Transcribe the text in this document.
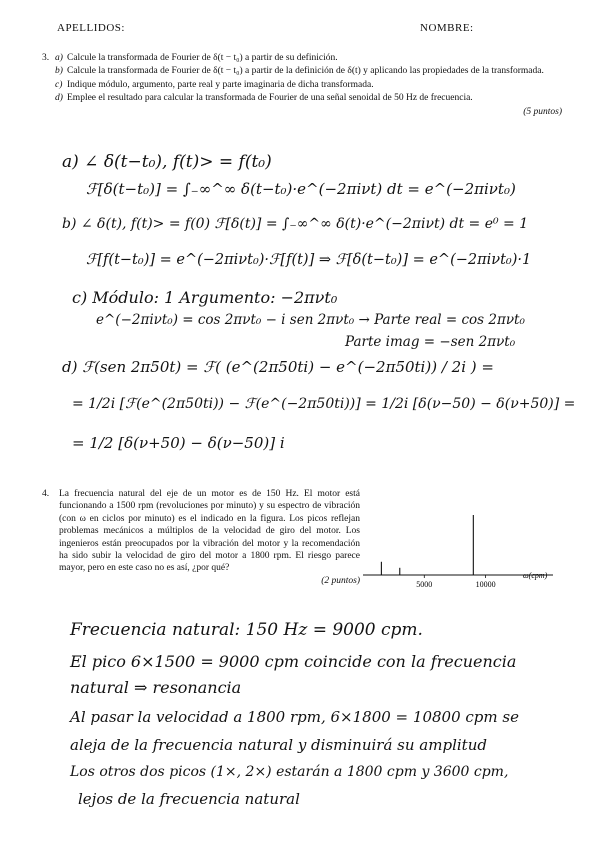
APELLIDOS:	NOMBRE:
3. a) Calcule la transformada de Fourier de δ(t − t₀) a partir de su definición.
b) Calcule la transformada de Fourier de δ(t − t₀) a partir de la definición de δ(t) y aplicando las propiedades de la transformada.
c) Indique módulo, argumento, parte real y parte imaginaria de dicha transformada.
d) Emplee el resultado para calcular la transformada de Fourier de una señal senoidal de 50 Hz de frecuencia.
(5 puntos)
a) ∠ δ(t−t₀), f(t)> = f(t₀)
ℱ[δ(t−t₀)] = ∫₋∞^∞ δ(t−t₀)·e^(−2πiνt) dt = e^(−2πiνt₀)
b) ∠ δ(t), f(t)> = f(0) ℱ[δ(t)] = ∫₋∞^∞ δ(t)·e^(−2πiνt) dt = e⁰ = 1
ℱ[f(t−t₀)] = e^(−2πiνt₀)·ℱ[f(t)] ⇒ ℱ[δ(t−t₀)] = e^(−2πiνt₀)·1
c) Módulo: 1 Argumento: −2πνt₀
e^(−2πiνt₀) = cos 2πνt₀ − i sen 2πνt₀ → Parte real = cos 2πνt₀
Parte imag = −sen 2πνt₀
d) ℱ(sen 2π50t) = ℱ( (e^(2π50ti) − e^(−2π50ti)) / 2i ) =
= 1/2i [ℱ(e^(2π50ti)) − ℱ(e^(−2π50ti))] = 1/2i [δ(ν−50) − δ(ν+50)] =
= 1/2 [δ(ν+50) − δ(ν−50)] i
4.	La frecuencia natural del eje de un motor es de 150 Hz. El motor está funcionando a 1500 rpm (revoluciones por minuto) y su espectro de vibración (con ω en ciclos por minuto) es el indicado en la figura. Los picos reflejan problemas mecánicos a múltiplos de la velocidad de giro del motor. Los ingenieros están preocupados por la vibración del motor y la recomendación ha sido subir la velocidad de giro del motor a 1800 rpm. El riesgo parece mayor, pero en este caso no es así, ¿por qué?
(2 puntos)	5000	10000
ω(cpm)
Frecuencia natural: 150 Hz = 9000 cpm.
El pico 6×1500 = 9000 cpm coincide con la frecuencia
natural ⇒ resonancia
Al pasar la velocidad a 1800 rpm, 6×1800 = 10800 cpm se
aleja de la frecuencia natural y disminuirá su amplitud
Los otros dos picos (1×, 2×) estarán a 1800 cpm y 3600 cpm,
lejos de la frecuencia natural
